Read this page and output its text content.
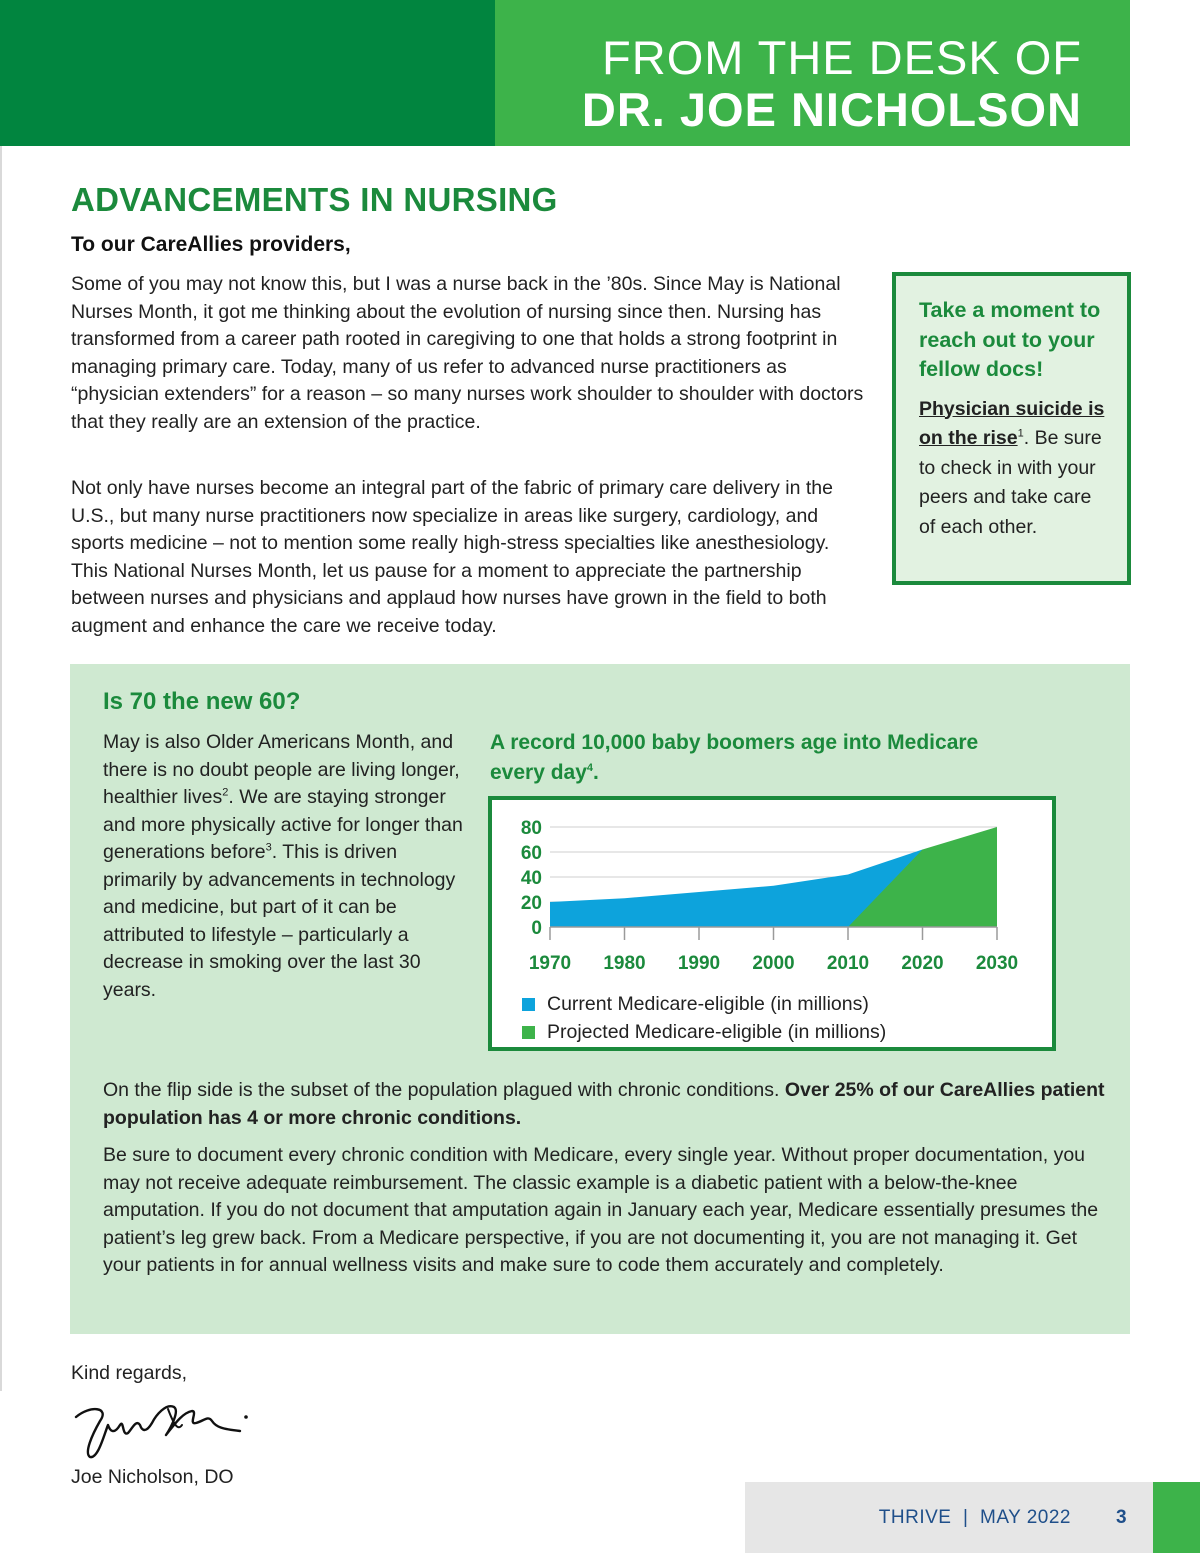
FROM THE DESK OF
DR. JOE NICHOLSON
ADVANCEMENTS IN NURSING
To our CareAllies providers,

Some of you may not know this, but I was a nurse back in the ’80s. Since May is National Nurses Month, it got me thinking about the evolution of nursing since then. Nursing has transformed from a career path rooted in caregiving to one that holds a strong footprint in managing primary care. Today, many of us refer to advanced nurse practitioners as “physician extenders” for a reason – so many nurses work shoulder to shoulder with doctors that they really are an extension of the practice.

Not only have nurses become an integral part of the fabric of primary care delivery in the U.S., but many nurse practitioners now specialize in areas like surgery, cardiology, and sports medicine – not to mention some really high-stress specialties like anesthesiology. This National Nurses Month, let us pause for a moment to appreciate the partnership between nurses and physicians and applaud how nurses have grown in the field to both augment and enhance the care we receive today.

Take a moment to reach out to your fellow docs!
Physician suicide is on the rise$^1$. Be sure to check in with your peers and take care of each other.
Is 70 the new 60?

May is also Older Americans Month, and there is no doubt people are living longer, healthier lives$^2$. We are staying stronger and more physically active for longer than generations before$^3$. This is driven primarily by advancements in technology and medicine, but part of it can be attributed to lifestyle – particularly a decrease in smoking over the last 30 years.

A record 10,000 baby boomers age into Medicare every day$^4$.
0
20
40
60
80
1970 1980 1990 2000 2010 2020 2030
Current Medicare-eligible (in millions)
Projected Medicare-eligible (in millions)

On the flip side is the subset of the population plagued with chronic conditions. Over 25% of our CareAllies patient population has 4 or more chronic conditions.

Be sure to document every chronic condition with Medicare, every single year. Without proper documentation, you may not receive adequate reimbursement. The classic example is a diabetic patient with a below-the-knee amputation. If you do not document that amputation again in January each year, Medicare essentially presumes the patient’s leg grew back. From a Medicare perspective, if you are not documenting it, you are not managing it. Get your patients in for annual wellness visits and make sure to code them accurately and completely.

Kind regards,
Joe Nicholson, DO
THRIVE | MAY 2022 3
